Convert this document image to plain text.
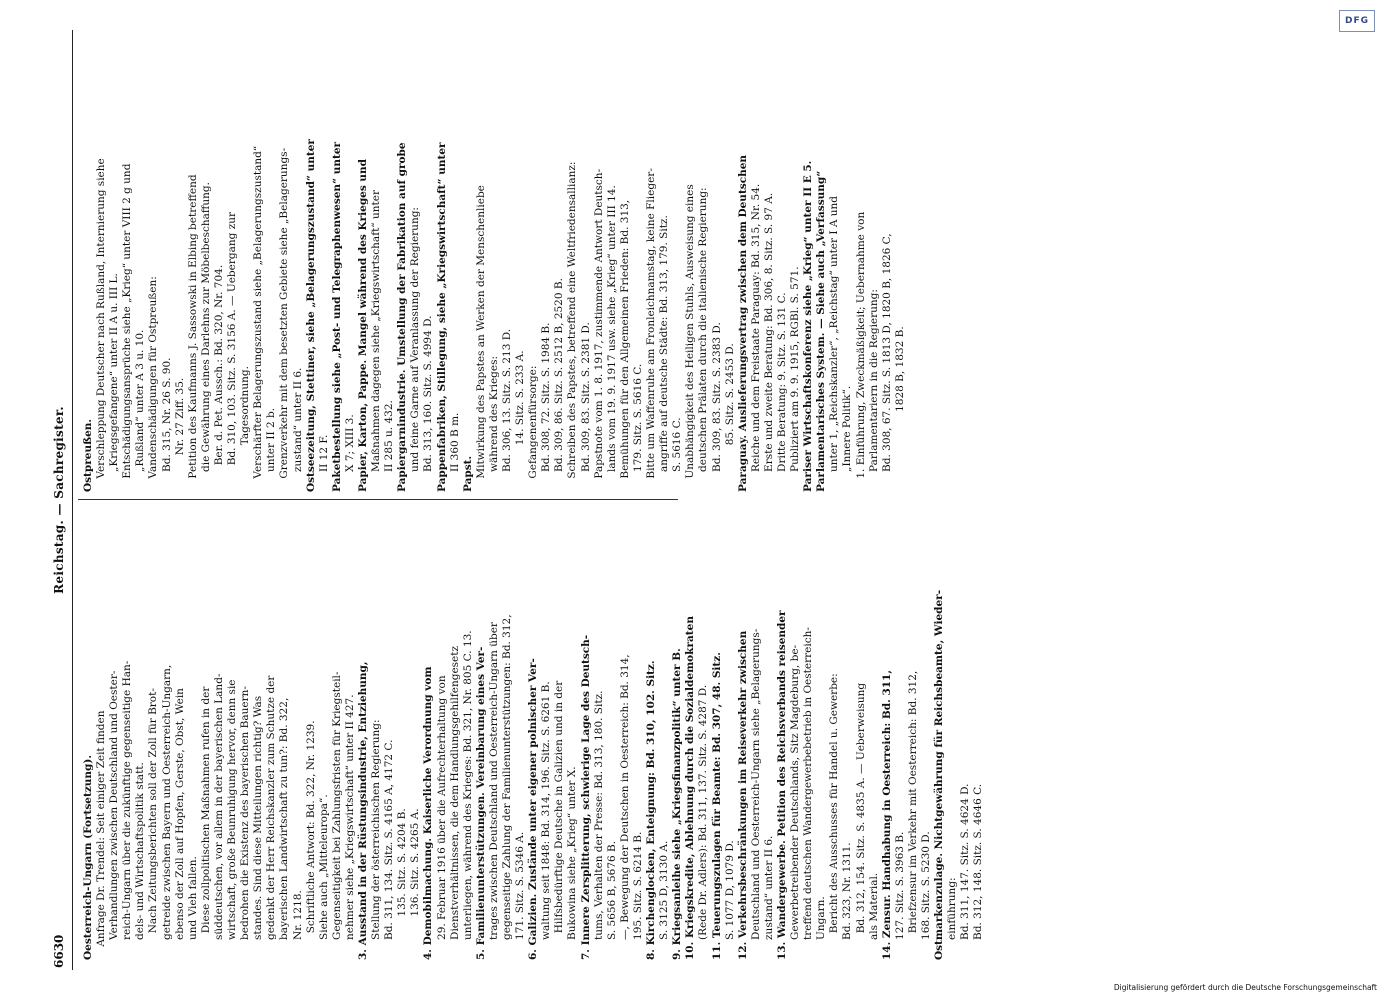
6630
Reichstag. — Sachregister.
Oesterreich-Ungarn (Fortsetzung). Anfrage Dr. Trendel: Seit einiger Zeit finden Verhandlungen zwischen Deutschland und Oester- reich-Ungarn über die zukünftige gegenseitige Han- dels- und Wirtschaftspolitik statt. Nach Zeitungsberichten soll der Zoll für Brot- getreide zwischen Bayern und Oesterreich-Ungarn, ebenso der Zoll auf Hopfen, Gerste, Obst, Wein und Vieh fallen. Diese zollpolitischen Maßnahmen rufen in der süddeutschen, vor allem in der bayerischen Land- wirtschaft, große Beunruhigung hervor, denn sie bedrohen die Existenz des bayerischen Bauern- standes. Sind diese Mitteilungen richtig? Was gedenkt der Herr Reichskanzler zum Schutze der bayerischen Landwirtschaft zu tun?: Bd. 322, Nr. 1218. Schriftliche Antwort: Bd. 322, Nr. 1239. Siehe auch „Mitteleuropa“. Gegenseitigkeit bei Zahlungsfristen für Kriegsteil- nehmer siehe „Kriegswirtschaft“ unter II 427. 3. Ausstand in der Rüstungsindustrie, Entziehung, Stellung der österreichischen Regierung: Bd. 311, 134. Sitz. S. 4165 A, 4172 C. 135. Sitz. S. 4204 B. 136. Sitz. S. 4265 A. 4. Demobilmachung. Kaiserliche Verordnung vom 29. Februar 1916 über die Aufrechterhaltung von Dienstverhältnissen, die dem Handlungsgehilfengesetz unterliegen, während des Krieges: Bd. 321, Nr. 805 C. 13. 5. Familienunterstützungen. Vereinbarung eines Ver- trages zwischen Deutschland und Oesterreich-Ungarn über gegenseitige Zahlung der Familienunterstützungen: Bd. 312, 171. Sitz. S. 5346 A. 6. Galizien. Zustände unter eigener polnischer Ver- waltung seit 1848: Bd. 314, 196. Sitz. S. 6261 B. Hilfsbedürftige Deutsche in Galizien und in der Bukowina siehe „Krieg“ unter X. 7. Innere Zersplitterung, schwierige Lage des Deutsch- tums, Verhalten der Presse: Bd. 313, 180. Sitz. S. 5656 B, 5676 B. —, Bewegung der Deutschen in Oesterreich: Bd. 314, 195. Sitz. S. 6214 B. 8. Kirchenglocken, Enteignung: Bd. 310, 102. Sitz. S. 3125 D, 3130 A. 9. Kriegsanleihe siehe „Kriegsfinanzpolitik“ unter B. 10. Kriegskredite, Ablehnung durch die Sozialdemokraten (Rede Dr. Adlers): Bd. 311, 137. Sitz. S. 4287 D. 11. Teuerungszulagen für Beamte: Bd. 307, 48. Sitz. S. 1077 D, 1079 D. 12. Verkehrsbeschränkungen im Reiseverkehr zwischen Deutschland und Oesterreich-Ungarn siehe „Belagerungs- zustand“ unter II 6. 13. Wandergewerbe. Petition des Reichsverbands reisender Gewerbetreibender Deutschlands, Sitz Magdeburg, be- treffend deutschen Wandergewerbebetrieb in Oesterreich- Ungarn. Bericht des Ausschusses für Handel u. Gewerbe: Bd. 323, Nr. 1311. Bd. 312, 154. Sitz. S. 4835 A. — Ueberweisung als Material. 14. Zensur. Handhabung in Oesterreich: Bd. 311, 127. Sitz. S. 3963 B. Briefzensur im Verkehr mit Oesterreich: Bd. 312, 168. Sitz. S. 5230 D. Ostmarkenzulage. Nichtgewährung für Reichsbeamte, Wieder- einführung: Bd. 311, 147. Sitz. S. 4624 D. Bd. 312, 148. Sitz. S. 4646 C.
Ostpreußen. Verschleppung Deutscher nach Rußland, Internierung siehe „Kriegsgefangene“ unter II A u. III L. Entschädigungsansprüche siehe „Krieg“ unter VIII 2 g und „Rußland“ unter A 3 u. 10. Vandenschädigungen für Ostpreußen: Bd. 315, Nr. 26 S. 90. Nr. 27 Ziff. 35. Petition des Kaufmanns J. Sassowski in Elbing betreffend die Gewährung eines Darlehns zur Möbelbeschaffung. Ber. d. Pet. Aussch.: Bd. 320, Nr. 704. Bd. 310, 103. Sitz. S. 3156 A. — Uebergang zur Tagesordnung. Verschärfter Belagerungszustand siehe „Belagerungszustand“ unter II 2 b. Grenzverkehr mit dem besetzten Gebiete siehe „Belagerungs- zustand“ unter II 6. Ostseezeitung, Stettiner, siehe „Belagerungszustand“ unter II 12 F. Paketbestellung siehe „Post- und Telegraphenwesen“ unter X 7; XIII 3. Papier, Karton, Pappe. Mangel während des Krieges und Maßnahmen dagegen siehe „Kriegswirtschaft“ unter II 285 u. 432. Papiergarnindustrie. Umstellung der Fabrikation auf grobe und feine Garne auf Veranlassung der Regierung: Bd. 313, 160. Sitz. S. 4994 D. Pappenfabriken, Stillegung, siehe „Kriegswirtschaft“ unter II 360 B m. Papst. Mitwirkung des Papstes an Werken der Menschenliebe während des Krieges: Bd. 306, 13. Sitz. S. 213 D. 14. Sitz. S. 233 A. Gefangenenfürsorge: Bd. 308, 72. Sitz. S. 1984 B. Bd. 309, 86. Sitz. S. 2512 B, 2520 B. Schreiben des Papstes, betreffend eine Weltfriedensallianz: Bd. 309, 83. Sitz. S. 2381 D. Papstnote vom 1. 8. 1917, zustimmende Antwort Deutsch- lands vom 19. 9. 1917 usw. siehe „Krieg“ unter III 14. Bemühungen für den Allgemeinen Frieden: Bd. 313, 179. Sitz. S. 5616 C. Bitte um Waffenruhe am Fronleichnamstag, keine Flieger- angriffe auf deutsche Städte: Bd. 313, 179. Sitz. S. 5616 C. Unabhängigkeit des Heiligen Stuhls, Ausweisung eines deutschen Prälaten durch die italienische Regierung: Bd. 309, 83. Sitz. S. 2383 D. 85. Sitz. S. 2453 D. Paraguay. Auslieferungsvertrag zwischen dem Deutschen Reiche und dem Freistaate Paraguay: Bd. 315, Nr. 54. Erste und zweite Beratung: Bd. 306, 8. Sitz. S. 97 A. Dritte Beratung: 9. Sitz. S. 131 C. Publiziert am 9. 9. 1915, RGBl. S. 571. Pariser Wirtschaftskonferenz siehe „Krieg“ unter II E 5. Parlamentarisches System. — Siehe auch „Verfassung“ unter 1, „Reichskanzler“, „Reichstag“ unter I A und „Innere Politik“. 1. Einführung, Zweckmäßigkeit; Uebernahme von Parlamentariern in die Regierung: Bd. 308, 67. Sitz. S. 1813 D, 1820 B, 1826 C, 1828 B, 1832 B.
DFG
Digitalisierung gefördert durch die Deutsche Forschungsgemeinschaft
